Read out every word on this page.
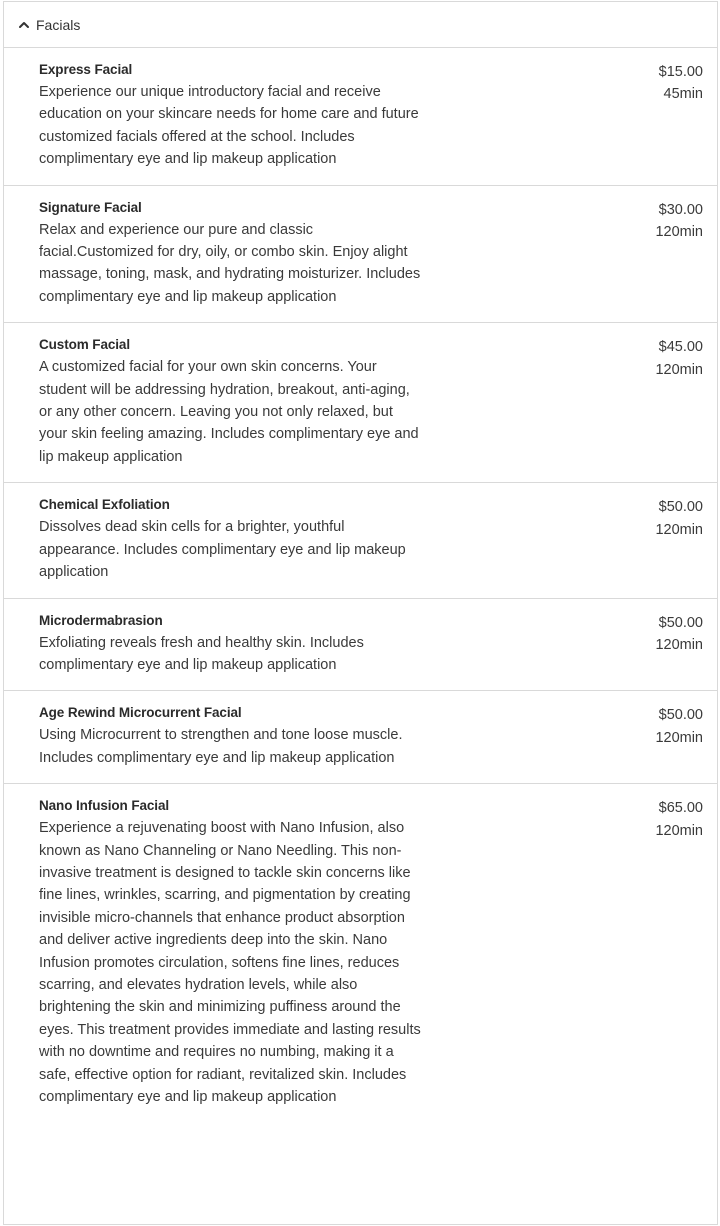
Facials
Express Facial
Experience our unique introductory facial and receive education on your skincare needs for home care and future customized facials offered at the school. Includes complimentary eye and lip makeup application
$15.00
45min
Signature Facial
Relax and experience our pure and classic facial.Customized for dry, oily, or combo skin. Enjoy alight massage, toning, mask, and hydrating moisturizer. Includes complimentary eye and lip makeup application
$30.00
120min
Custom Facial
A customized facial for your own skin concerns. Your student will be addressing hydration, breakout, anti-aging, or any other concern. Leaving you not only relaxed, but your skin feeling amazing. Includes complimentary eye and lip makeup application
$45.00
120min
Chemical Exfoliation
Dissolves dead skin cells for a brighter, youthful appearance. Includes complimentary eye and lip makeup application
$50.00
120min
Microdermabrasion
Exfoliating reveals fresh and healthy skin. Includes complimentary eye and lip makeup application
$50.00
120min
Age Rewind Microcurrent Facial
Using Microcurrent to strengthen and tone loose muscle. Includes complimentary eye and lip makeup application
$50.00
120min
Nano Infusion Facial
Experience a rejuvenating boost with Nano Infusion, also known as Nano Channeling or Nano Needling. This non-invasive treatment is designed to tackle skin concerns like fine lines, wrinkles, scarring, and pigmentation by creating invisible micro-channels that enhance product absorption and deliver active ingredients deep into the skin. Nano Infusion promotes circulation, softens fine lines, reduces scarring, and elevates hydration levels, while also brightening the skin and minimizing puffiness around the eyes. This treatment provides immediate and lasting results with no downtime and requires no numbing, making it a safe, effective option for radiant, revitalized skin. Includes complimentary eye and lip makeup application
$65.00
120min
